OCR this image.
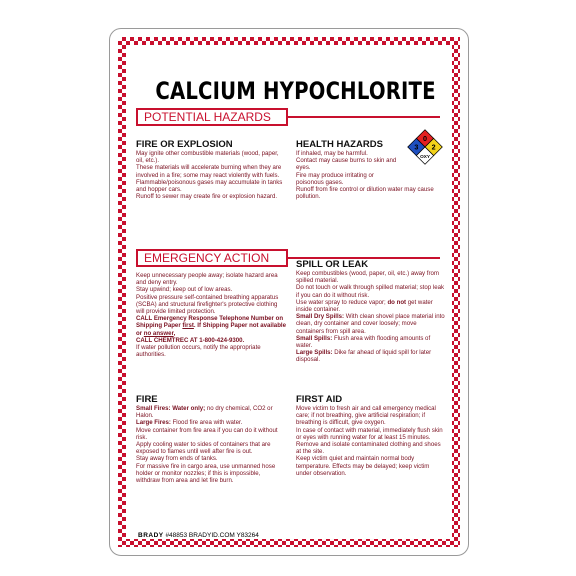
CALCIUM HYPOCHLORITE
POTENTIAL HAZARDS

FIRE OR EXPLOSION

May ignite other combustible materials (wood, paper, oil, etc.).

These materials will accelerate burning when they are involved in a fire; some may react violently with fuels.

Flammable/poisonous gases may accumulate in tanks and hopper cars.

Runoff to sewer may create fire or explosion hazard.

HEALTH HAZARDS

If inhaled, may be harmful.

Contact may cause burns to skin and eyes.

Fire may produce irritating or poisonous gases.

Runoff from fire control or dilution water may cause pollution.

0
3 2
OXY
EMERGENCY ACTION

Keep unnecessary people away; isolate hazard area and deny entry.

Stay upwind; keep out of low areas.

Positive pressure self-contained breathing apparatus (SCBA) and structural firefighter's protective clothing will provide limited protection.

CALL Emergency Response Telephone Number on Shipping Paper first. If Shipping Paper not available or no answer,

CALL CHEMTREC AT 1-800-424-9300.

If water pollution occurs, notify the appropriate authorities.

FIRE

Small Fires: Water only; no dry chemical, CO2 or Halon.

Large Fires: Flood fire area with water.

Move container from fire area if you can do it without risk.

Apply cooling water to sides of containers that are exposed to flames until well after fire is out.

Stay away from ends of tanks.

For massive fire in cargo area, use unmanned hose holder or monitor nozzles; if this is impossible, withdraw from area and let fire burn.

SPILL OR LEAK

Keep combustibles (wood, paper, oil, etc.) away from spilled material.

Do not touch or walk through spilled material; stop leak if you can do it without risk.

Use water spray to reduce vapor; do not get water inside container.

Small Dry Spills: With clean shovel place material into clean, dry container and cover loosely; move containers from spill area.

Small Spills: Flush area with flooding amounts of water.

Large Spills: Dike far ahead of liquid spill for later disposal.

FIRST AID

Move victim to fresh air and call emergency medical care; if not breathing, give artificial respiration; if breathing is difficult, give oxygen.

In case of contact with material, immediately flush skin or eyes with running water for at least 15 minutes.

Remove and isolate contaminated clothing and shoes at the site.

Keep victim quiet and maintain normal body temperature. Effects may be delayed; keep victim under observation.

BRADY #48853 BRADYID.COM Y83264
